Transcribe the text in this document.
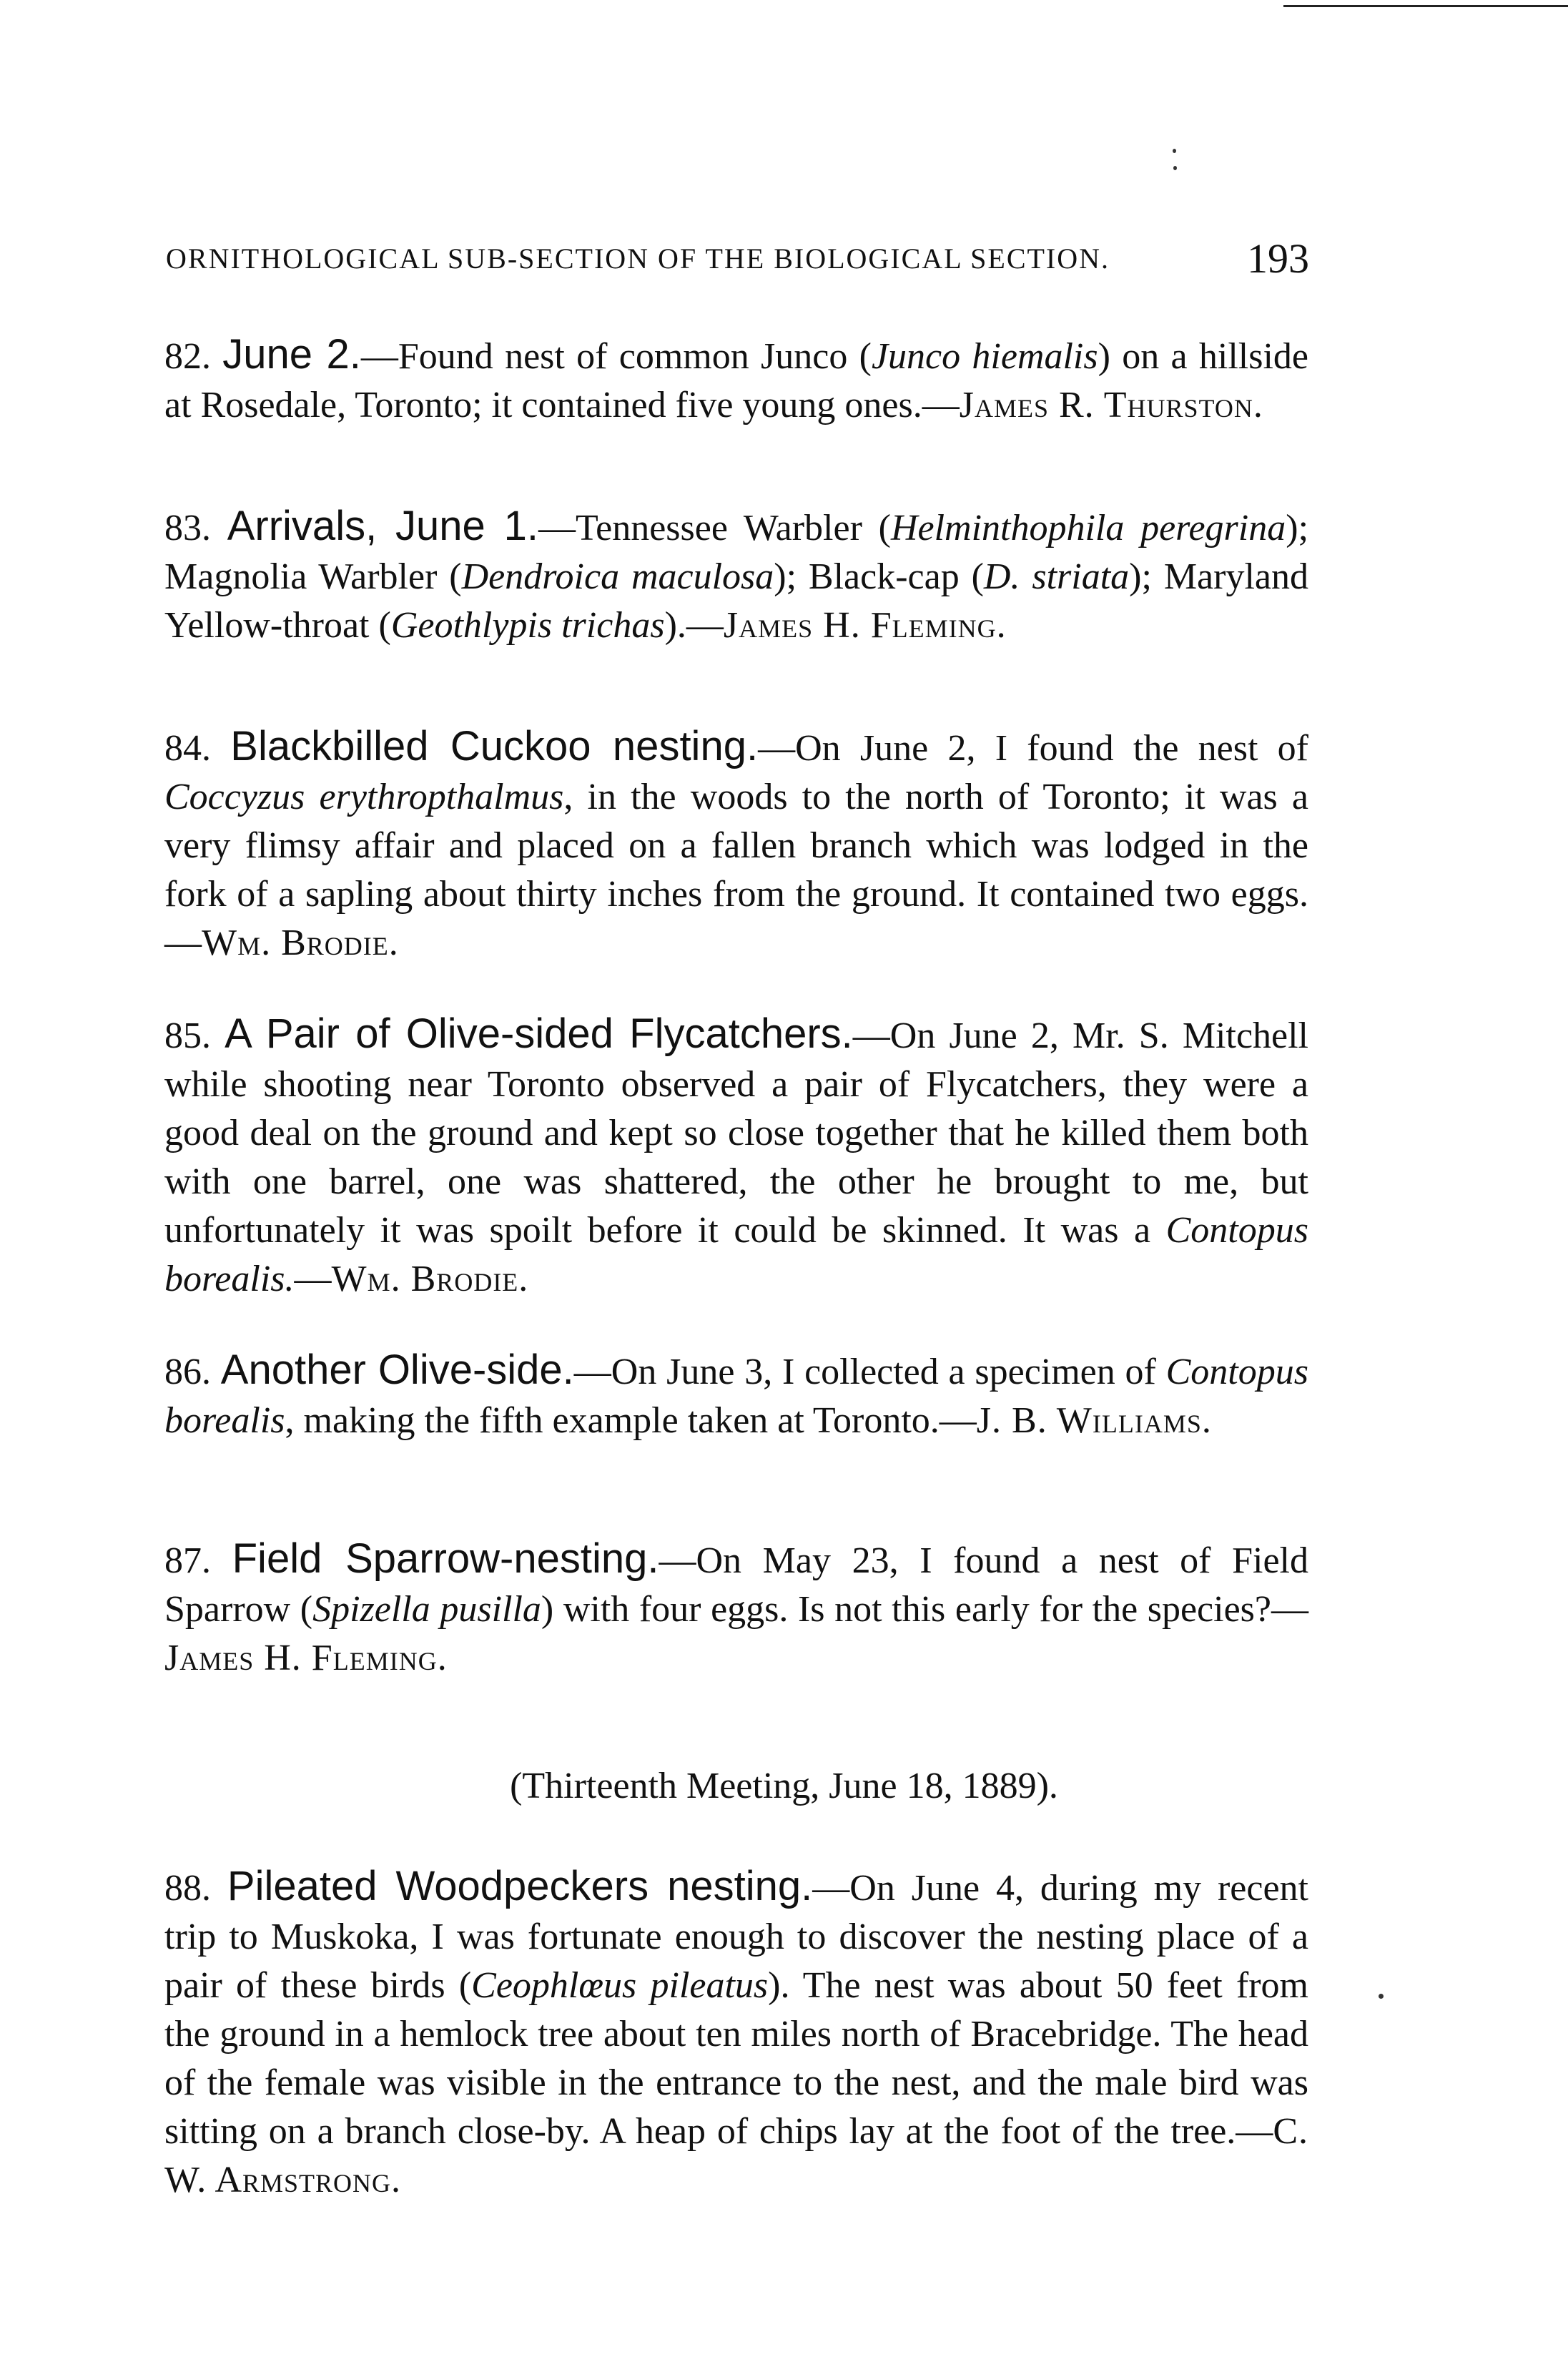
ORNITHOLOGICAL SUB-SECTION OF THE BIOLOGICAL SECTION.	193
82. June 2.—Found nest of common Junco (Junco hiemalis) on a hillside at Rosedale, Toronto; it contained five young ones.—James R. Thurston.
83. Arrivals, June 1.—Tennessee Warbler (Helminthophila peregrina); Magnolia Warbler (Dendroica maculosa); Black-cap (D. striata); Maryland Yellow-throat (Geothlypis trichas).—James H. Fleming.
84. Blackbilled Cuckoo nesting.—On June 2, I found the nest of Coccyzus erythropthalmus, in the woods to the north of Toronto; it was a very flimsy affair and placed on a fallen branch which was lodged in the fork of a sapling about thirty inches from the ground. It contained two eggs.—Wm. Brodie.
85. A Pair of Olive-sided Flycatchers.—On June 2, Mr. S. Mitchell while shooting near Toronto observed a pair of Flycatchers, they were a good deal on the ground and kept so close together that he killed them both with one barrel, one was shattered, the other he brought to me, but unfortunately it was spoilt before it could be skinned. It was a Contopus borealis.—Wm. Brodie.
86. Another Olive-side.—On June 3, I collected a specimen of Contopus borealis, making the fifth example taken at Toronto.—J. B. Williams.
87. Field Sparrow-nesting.—On May 23, I found a nest of Field Sparrow (Spizella pusilla) with four eggs. Is not this early for the species?—James H. Fleming.
(Thirteenth Meeting, June 18, 1889).
88. Pileated Woodpeckers nesting.—On June 4, during my recent trip to Muskoka, I was fortunate enough to discover the nesting place of a pair of these birds (Ceophlœus pileatus). The nest was about 50 feet from the ground in a hemlock tree about ten miles north of Bracebridge. The head of the female was visible in the entrance to the nest, and the male bird was sitting on a branch close-by. A heap of chips lay at the foot of the tree.—C. W. Armstrong.
